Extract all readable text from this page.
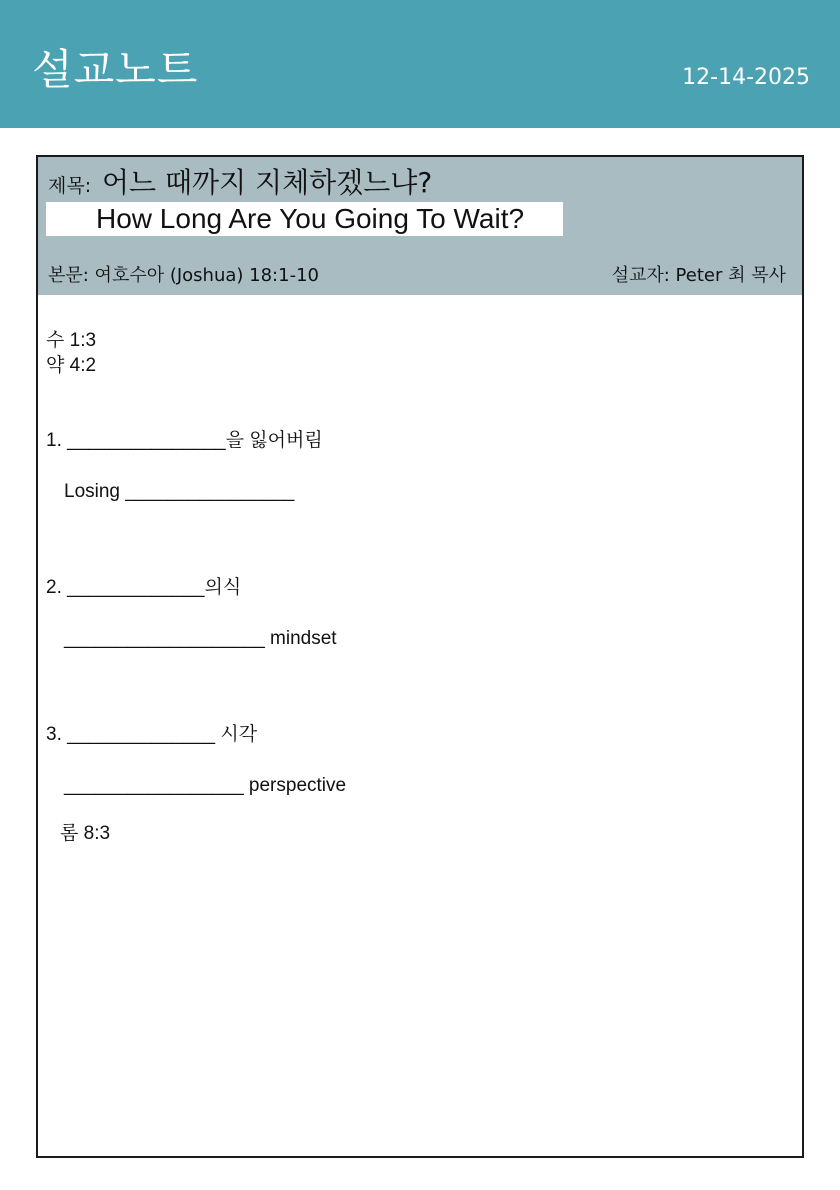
설교노트	12-14-2025
제목: 어느 때까지 지체하겠느냐?
How Long Are You Going To Wait?
본문: 여호수아 (Joshua) 18:1-10	설교자: Peter 최 목사
수 1:3
약 4:2
1. _______________을 잃어버림
Losing ________________
2. _____________의식
___________________ mindset
3. ______________ 시각
_________________ perspective
롬 8:3
